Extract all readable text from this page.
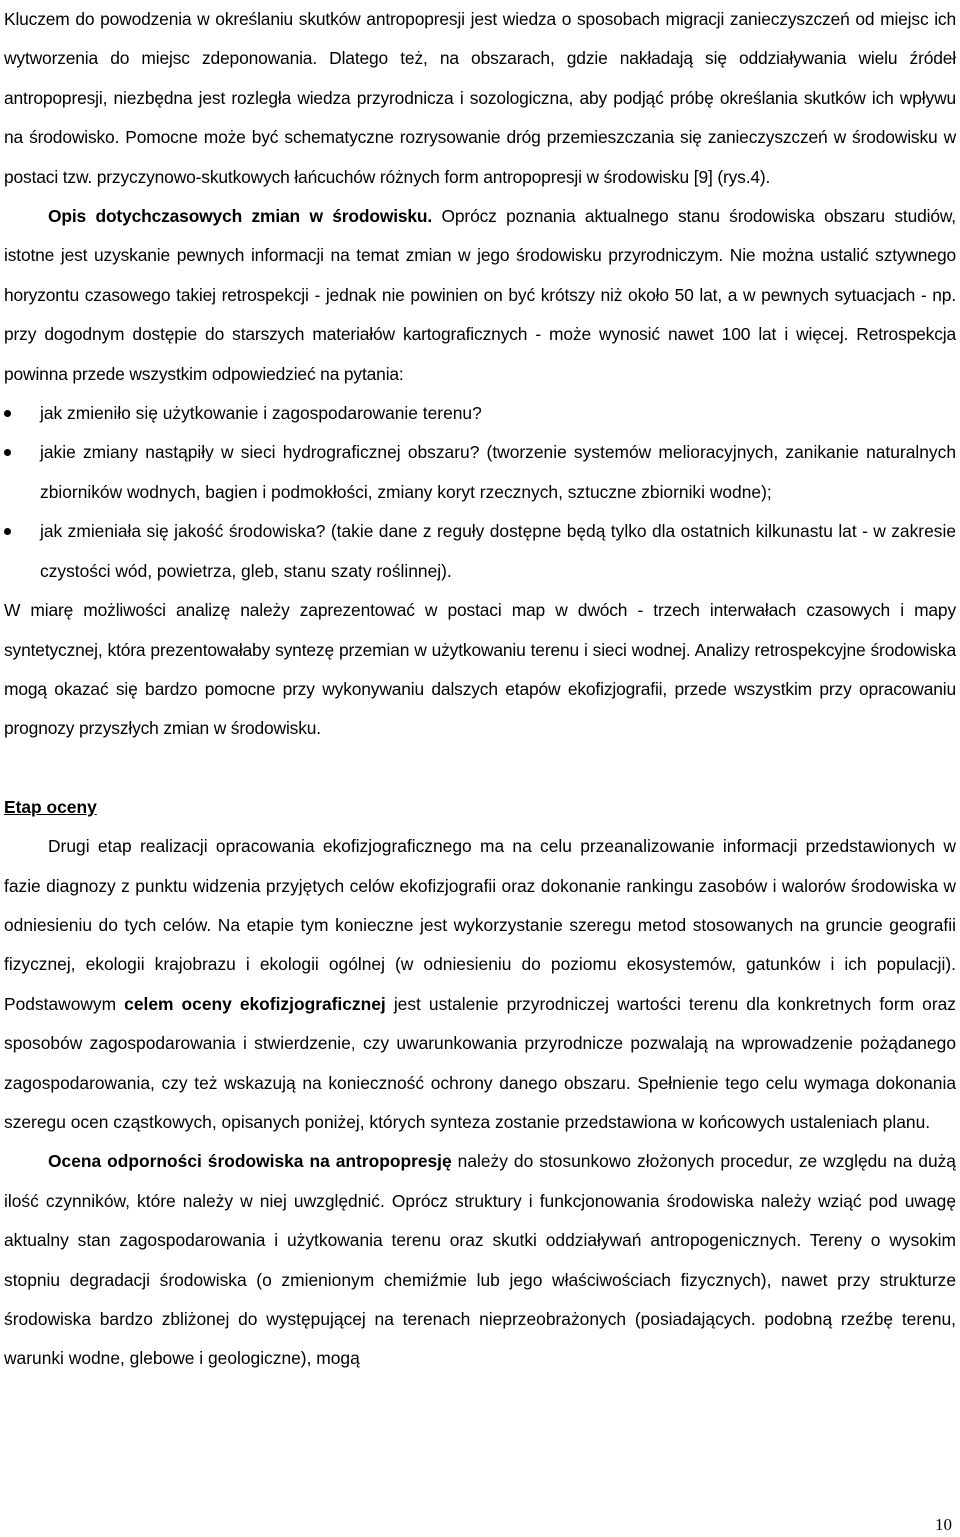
Kluczem do powodzenia w określaniu skutków antropopresji jest wiedza o sposobach migracji zanieczyszczeń od miejsc ich wytworzenia do miejsc zdeponowania. Dlatego też, na obszarach, gdzie nakładają się oddziaływania wielu źródeł antropopresji, niezbędna jest rozległa wiedza przyrodnicza i sozologiczna, aby podjąć próbę określania skutków ich wpływu na środowisko. Pomocne może być schematyczne rozrysowanie dróg przemieszczania się zanieczyszczeń w środowisku w postaci tzw. przyczynowo-skutkowych łańcuchów różnych form antropopresji w środowisku [9] (rys.4).

Opis dotychczasowych zmian w środowisku. Oprócz poznania aktualnego stanu środowiska obszaru studiów, istotne jest uzyskanie pewnych informacji na temat zmian w jego środowisku przyrodniczym. Nie można ustalić sztywnego horyzontu czasowego takiej retrospekcji - jednak nie powinien on być krótszy niż około 50 lat, a w pewnych sytuacjach - np. przy dogodnym dostępie do starszych materiałów kartograficznych - może wynosić nawet 100 lat i więcej. Retrospekcja powinna przede wszystkim odpowiedzieć na pytania:

jak zmieniło się użytkowanie i zagospodarowanie terenu?
jakie zmiany nastąpiły w sieci hydrograficznej obszaru? (tworzenie systemów melioracyjnych, zanikanie naturalnych zbiorników wodnych, bagien i podmokłości, zmiany koryt rzecznych, sztuczne zbiorniki wodne);
jak zmieniała się jakość środowiska? (takie dane z reguły dostępne będą tylko dla ostatnich kilkunastu lat - w zakresie czystości wód, powietrza, gleb, stanu szaty roślinnej).

W miarę możliwości analizę należy zaprezentować w postaci map w dwóch - trzech interwałach czasowych i mapy syntetycznej, która prezentowałaby syntezę przemian w użytkowaniu terenu i sieci wodnej. Analizy retrospekcyjne środowiska mogą okazać się bardzo pomocne przy wykonywaniu dalszych etapów ekofizjografii, przede wszystkim przy opracowaniu prognozy przyszłych zmian w środowisku.

Etap oceny

Drugi etap realizacji opracowania ekofizjograficznego ma na celu przeanalizowanie informacji przedstawionych w fazie diagnozy z punktu widzenia przyjętych celów ekofizjografii oraz dokonanie rankingu zasobów i walorów środowiska w odniesieniu do tych celów. Na etapie tym konieczne jest wykorzystanie szeregu metod stosowanych na gruncie geografii fizycznej, ekologii krajobrazu i ekologii ogólnej (w odniesieniu do poziomu ekosystemów, gatunków i ich populacji). Podstawowym celem oceny ekofizjograficznej jest ustalenie przyrodniczej wartości terenu dla konkretnych form oraz sposobów zagospodarowania i stwierdzenie, czy uwarunkowania przyrodnicze pozwalają na wprowadzenie pożądanego zagospodarowania, czy też wskazują na konieczność ochrony danego obszaru. Spełnienie tego celu wymaga dokonania szeregu ocen cząstkowych, opisanych poniżej, których synteza zostanie przedstawiona w końcowych ustaleniach planu.

Ocena odporności środowiska na antropopresję należy do stosunkowo złożonych procedur, ze względu na dużą ilość czynników, które należy w niej uwzględnić. Oprócz struktury i funkcjonowania środowiska należy wziąć pod uwagę aktualny stan zagospodarowania i użytkowania terenu oraz skutki oddziaływań antropogenicznych. Tereny o wysokim stopniu degradacji środowiska (o zmienionym chemiźmie lub jego właściwościach fizycznych), nawet przy strukturze środowiska bardzo zbliżonej do występującej na terenach nieprzeobrażonych (posiadających. podobną rzeźbę terenu, warunki wodne, glebowe i geologiczne), mogą

10
